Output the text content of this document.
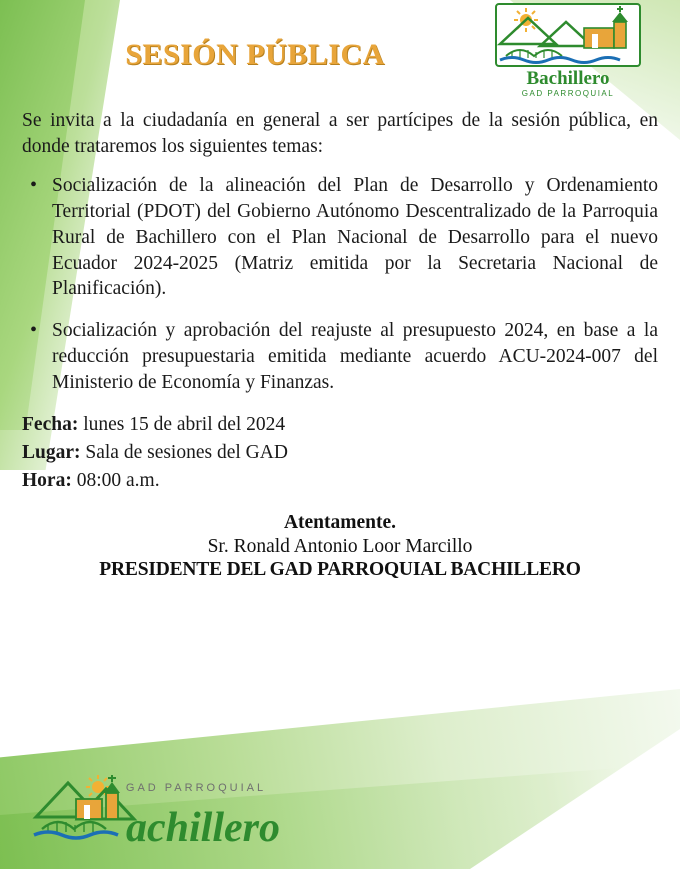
SESIÓN PÚBLICA
Bachillero
GAD PARROQUIAL

Se invita a la ciudadanía en general a ser partícipes de la sesión pública, en donde trataremos los siguientes temas:

• Socialización de la alineación del Plan de Desarrollo y Ordenamiento Territorial (PDOT) del Gobierno Autónomo Descentralizado de la Parroquia Rural de Bachillero con el Plan Nacional de Desarrollo para el nuevo Ecuador 2024-2025 (Matriz emitida por la Secretaria Nacional de Planificación).
• Socialización y aprobación del reajuste al presupuesto 2024, en base a la reducción presupuestaria emitida mediante acuerdo ACU-2024-007 del Ministerio de Economía y Finanzas.
Fecha: lunes 15 de abril del 2024
Lugar: Sala de sesiones del GAD
Hora: 08:00 a.m.
Atentamente.
Sr. Ronald Antonio Loor Marcillo
PRESIDENTE DEL GAD PARROQUIAL BACHILLERO
GAD PARROQUIAL
achillero
